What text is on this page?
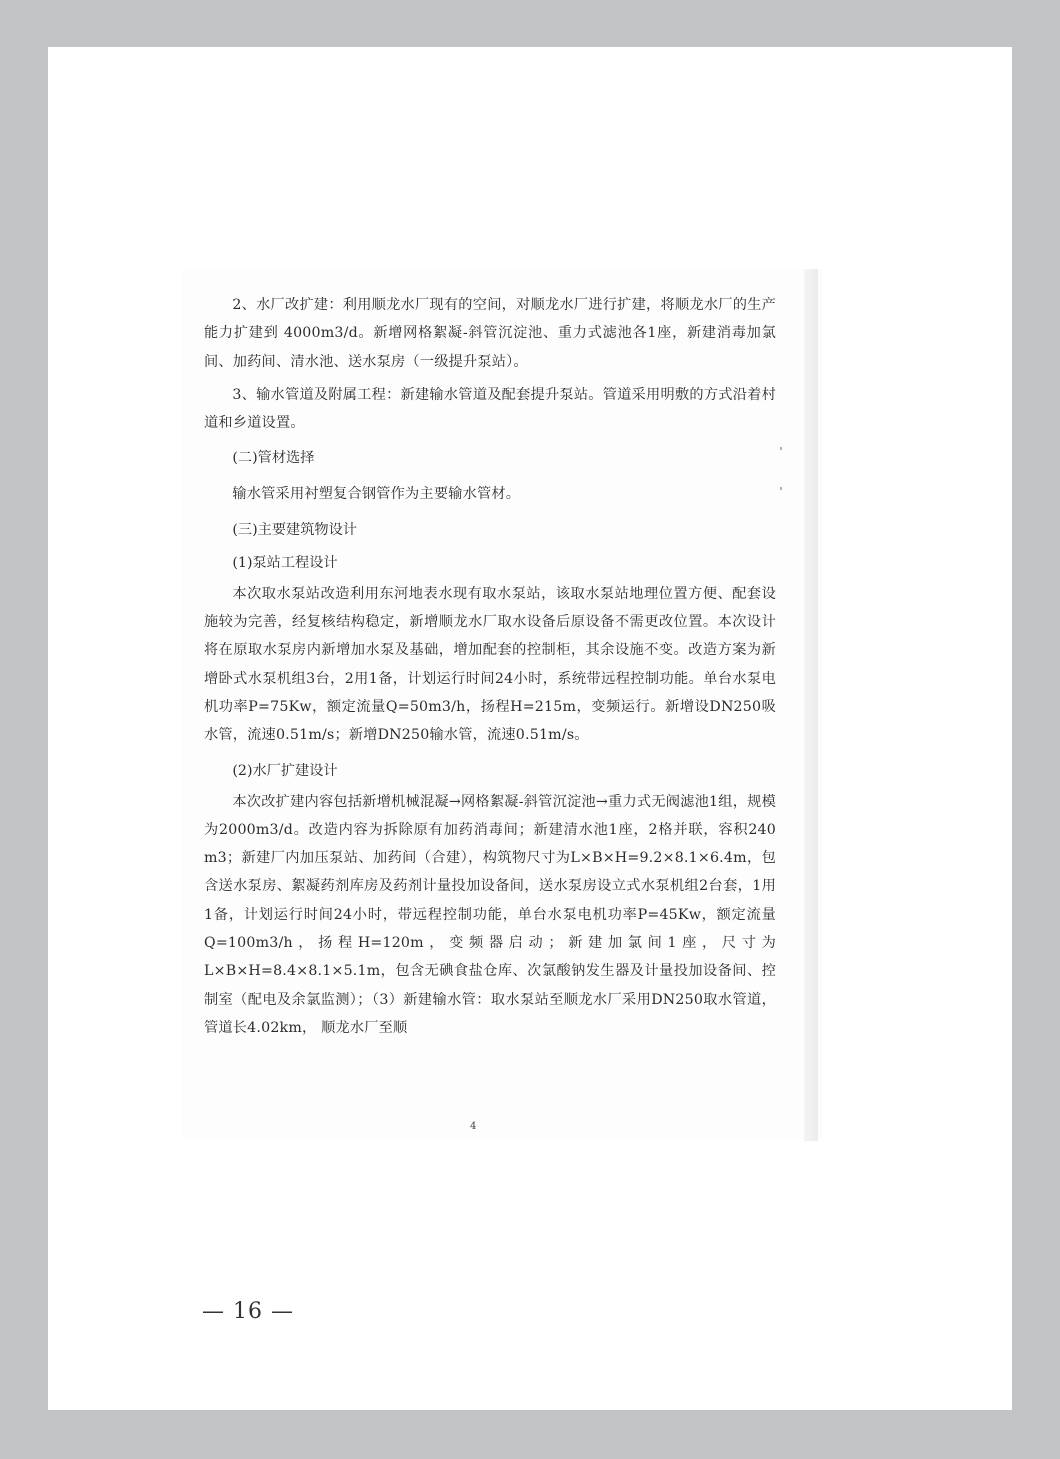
2、水厂改扩建：利用顺龙水厂现有的空间，对顺龙水厂进行扩建，将顺龙水厂的生产能力扩建到 4000m3/d。新增网格絮凝-斜管沉淀池、重力式滤池各1座，新建消毒加氯间、加药间、清水池、送水泵房（一级提升泵站）。

3、输水管道及附属工程：新建输水管道及配套提升泵站。管道采用明敷的方式沿着村道和乡道设置。

(二)管材选择

输水管采用衬塑复合钢管作为主要输水管材。

(三)主要建筑物设计

(1)泵站工程设计

本次取水泵站改造利用东河地表水现有取水泵站，该取水泵站地理位置方便、配套设施较为完善，经复核结构稳定，新增顺龙水厂取水设备后原设备不需更改位置。本次设计将在原取水泵房内新增加水泵及基础，增加配套的控制柜，其余设施不变。改造方案为新增卧式水泵机组3台，2用1备，计划运行时间24小时，系统带远程控制功能。单台水泵电机功率P=75Kw，额定流量Q=50m3/h，扬程H=215m，变频运行。新增设DN250吸水管，流速0.51m/s；新增DN250输水管，流速0.51m/s。

(2)水厂扩建设计

本次改扩建内容包括新增机械混凝→网格絮凝-斜管沉淀池→重力式无阀滤池1组，规模为2000m3/d。改造内容为拆除原有加药消毒间；新建清水池1座，2格并联，容积240 m3；新建厂内加压泵站、加药间（合建），构筑物尺寸为L×B×H=9.2×8.1×6.4m，包含送水泵房、絮凝药剂库房及药剂计量投加设备间，送水泵房设立式水泵机组2台套，1用1备，计划运行时间24小时，带远程控制功能，单台水泵电机功率P=45Kw，额定流量Q=100m3/h，扬程H=120m，变频器启动；新建加氯间1座，尺寸为L×B×H=8.4×8.1×5.1m，包含无碘食盐仓库、次氯酸钠发生器及计量投加设备间、控制室（配电及余氯监测）；（3）新建输水管：取水泵站至顺龙水厂采用DN250取水管道，管道长4.02km， 顺龙水厂至顺

4
— 16 —
